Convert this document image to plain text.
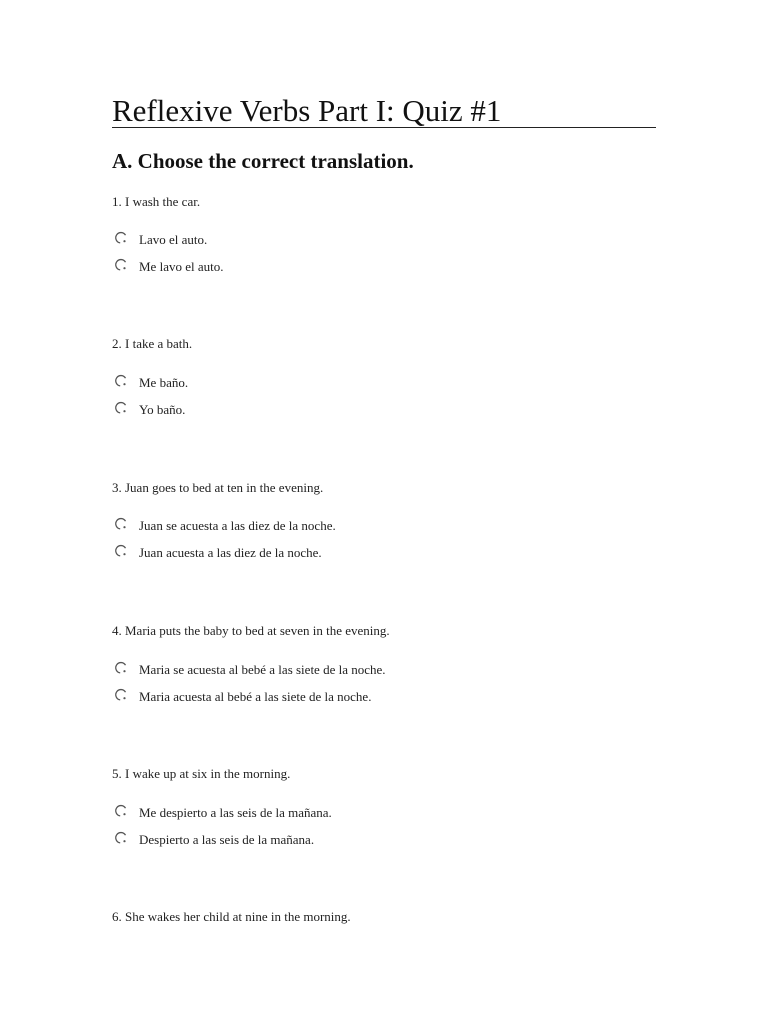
Reflexive Verbs Part I: Quiz #1
A. Choose the correct translation.
1. I wash the car.
Lavo el auto.
Me lavo el auto.
2. I take a bath.
Me baño.
Yo baño.
3. Juan goes to bed at ten in the evening.
Juan se acuesta a las diez de la noche.
Juan acuesta a las diez de la noche.
4. Maria puts the baby to bed at seven in the evening.
Maria se acuesta al bebé a las siete de la noche.
Maria acuesta al bebé a las siete de la noche.
5. I wake up at six in the morning.
Me despierto a las seis de la mañana.
Despierto a las seis de la mañana.
6. She wakes her child at nine in the morning.
